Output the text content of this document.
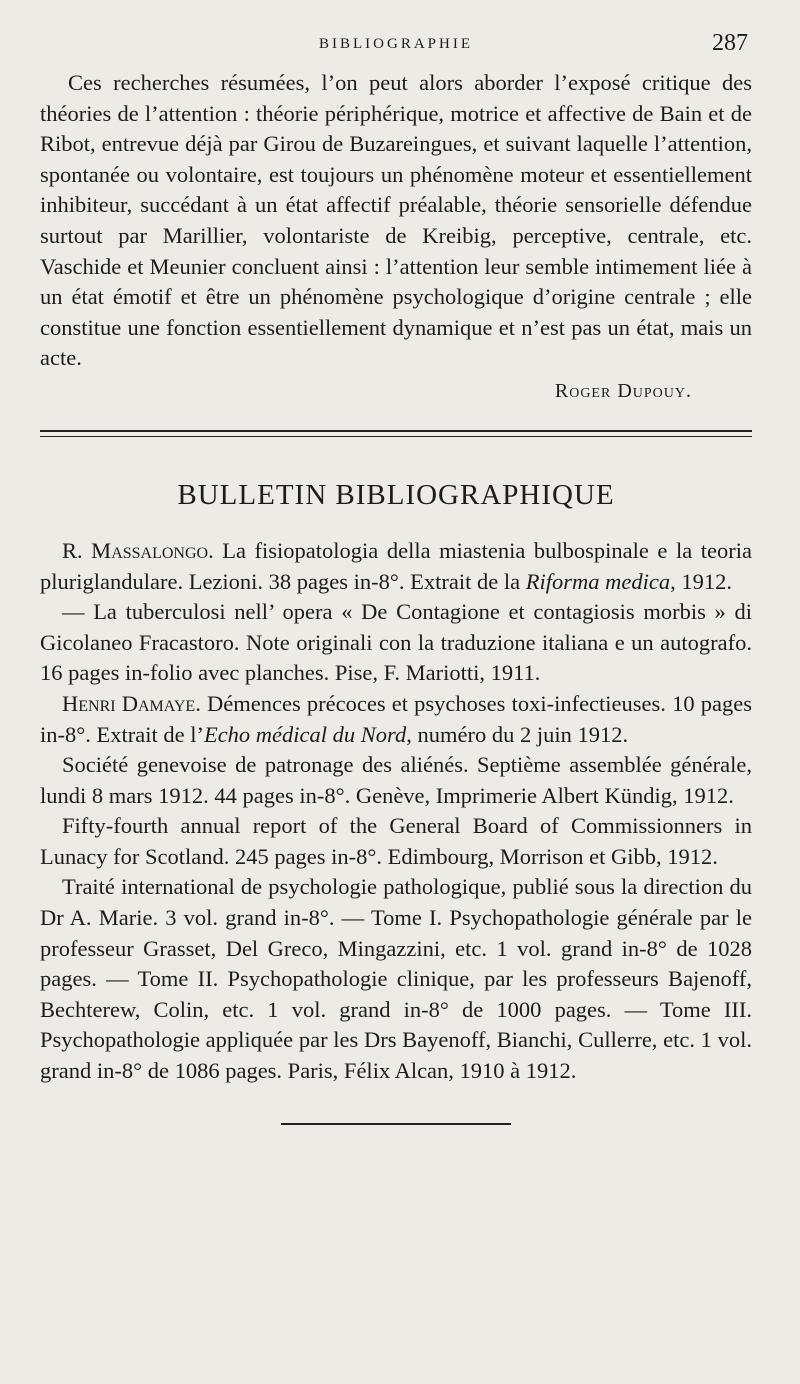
BIBLIOGRAPHIE	287

Ces recherches résumées, l’on peut alors aborder l’exposé critique des théories de l’attention : théorie périphérique, motrice et affective de Bain et de Ribot, entrevue déjà par Girou de Buzareingues, et suivant laquelle l’attention, spontanée ou volontaire, est toujours un phénomène moteur et essentiellement inhibiteur, succédant à un état affectif préalable, théorie sensorielle défendue surtout par Marillier, volontariste de Kreibig, perceptive, centrale, etc. Vaschide et Meunier concluent ainsi : l’attention leur semble intimement liée à un état émotif et être un phénomène psychologique d’origine centrale ; elle constitue une fonction essentiellement dynamique et n’est pas un état, mais un acte.

Roger Dupouy.
BULLETIN BIBLIOGRAPHIQUE

R. Massalongo. La fisiopatologia della miastenia bulbospinale e la teoria pluriglandulare. Lezioni. 38 pages in-8°. Extrait de la Riforma medica, 1912.

— La tuberculosi nell’ opera « De Contagione et contagiosis morbis » di Gicolaneo Fracastoro. Note originali con la traduzione italiana e un autografo. 16 pages in-folio avec planches. Pise, F. Mariotti, 1911.

Henri Damaye. Démences précoces et psychoses toxi-infectieuses. 10 pages in-8°. Extrait de l’Echo médical du Nord, numéro du 2 juin 1912.

Société genevoise de patronage des aliénés. Septième assemblée générale, lundi 8 mars 1912. 44 pages in-8°. Genève, Imprimerie Albert Kündig, 1912.

Fifty-fourth annual report of the General Board of Commissionners in Lunacy for Scotland. 245 pages in-8°. Edimbourg, Morrison et Gibb, 1912.

Traité international de psychologie pathologique, publié sous la direction du Dr A. Marie. 3 vol. grand in-8°. — Tome I. Psychopathologie générale par le professeur Grasset, Del Greco, Mingazzini, etc. 1 vol. grand in-8° de 1028 pages. — Tome II. Psychopathologie clinique, par les professeurs Bajenoff, Bechterew, Colin, etc. 1 vol. grand in-8° de 1000 pages. — Tome III. Psychopathologie appliquée par les Drs Bayenoff, Bianchi, Cullerre, etc. 1 vol. grand in-8° de 1086 pages. Paris, Félix Alcan, 1910 à 1912.
